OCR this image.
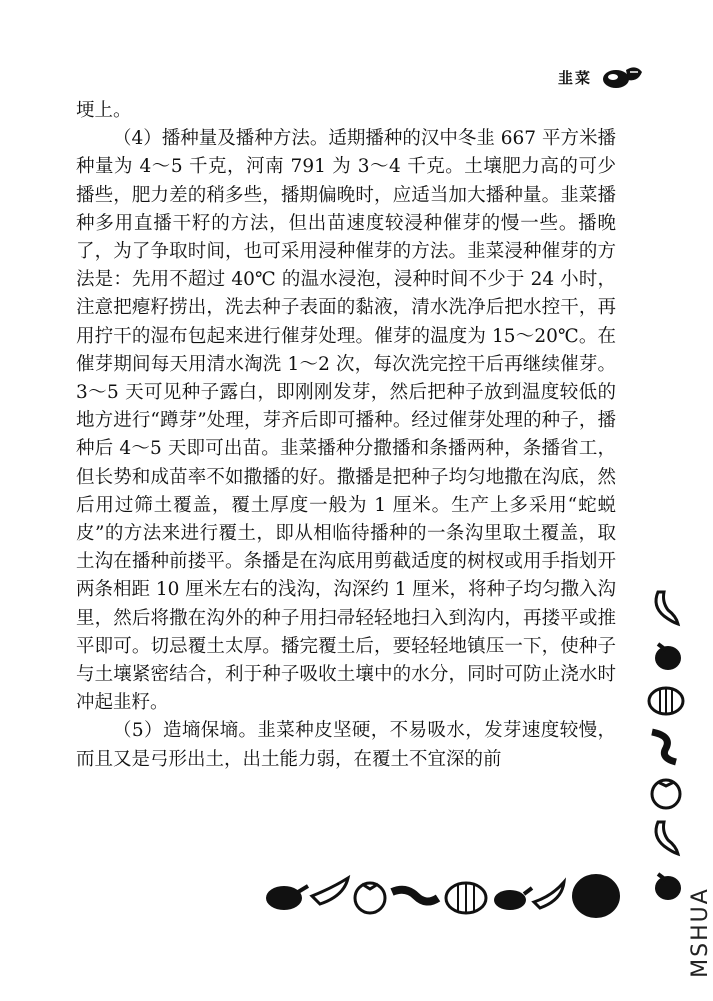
韭菜

埂上。

（4）播种量及播种方法。适期播种的汉中冬韭 667 平方米播种量为 4～5 千克，河南 791 为 3～4 千克。土壤肥力高的可少播些，肥力差的稍多些，播期偏晚时，应适当加大播种量。韭菜播种多用直播干籽的方法，但出苗速度较浸种催芽的慢一些。播晚了，为了争取时间，也可采用浸种催芽的方法。韭菜浸种催芽的方法是：先用不超过 40℃ 的温水浸泡，浸种时间不少于 24 小时，注意把瘪籽捞出，洗去种子表面的黏液，清水洗净后把水控干，再用拧干的湿布包起来进行催芽处理。催芽的温度为 15～20℃。在催芽期间每天用清水淘洗 1～2 次，每次洗完控干后再继续催芽。3～5 天可见种子露白，即刚刚发芽，然后把种子放到温度较低的地方进行“蹲芽”处理，芽齐后即可播种。经过催芽处理的种子，播种后 4～5 天即可出苗。韭菜播种分撒播和条播两种，条播省工，但长势和成苗率不如撒播的好。撒播是把种子均匀地撒在沟底，然后用过筛土覆盖，覆土厚度一般为 1 厘米。生产上多采用“蛇蜕皮”的方法来进行覆土，即从相临待播种的一条沟里取土覆盖，取土沟在播种前搂平。条播是在沟底用剪截适度的树杈或用手指划开两条相距 10 厘米左右的浅沟，沟深约 1 厘米，将种子均匀撒入沟里，然后将撒在沟外的种子用扫帚轻轻地扫入到沟内，再搂平或推平即可。切忌覆土太厚。播完覆土后，要轻轻地镇压一下，使种子与土壤紧密结合，利于种子吸收土壤中的水分，同时可防止浇水时冲起韭籽。

（5）造墒保墒。韭菜种皮坚硬，不易吸水，发芽速度较慢，而且又是弓形出土，出土能力弱，在覆土不宜深的前

MSHUA
